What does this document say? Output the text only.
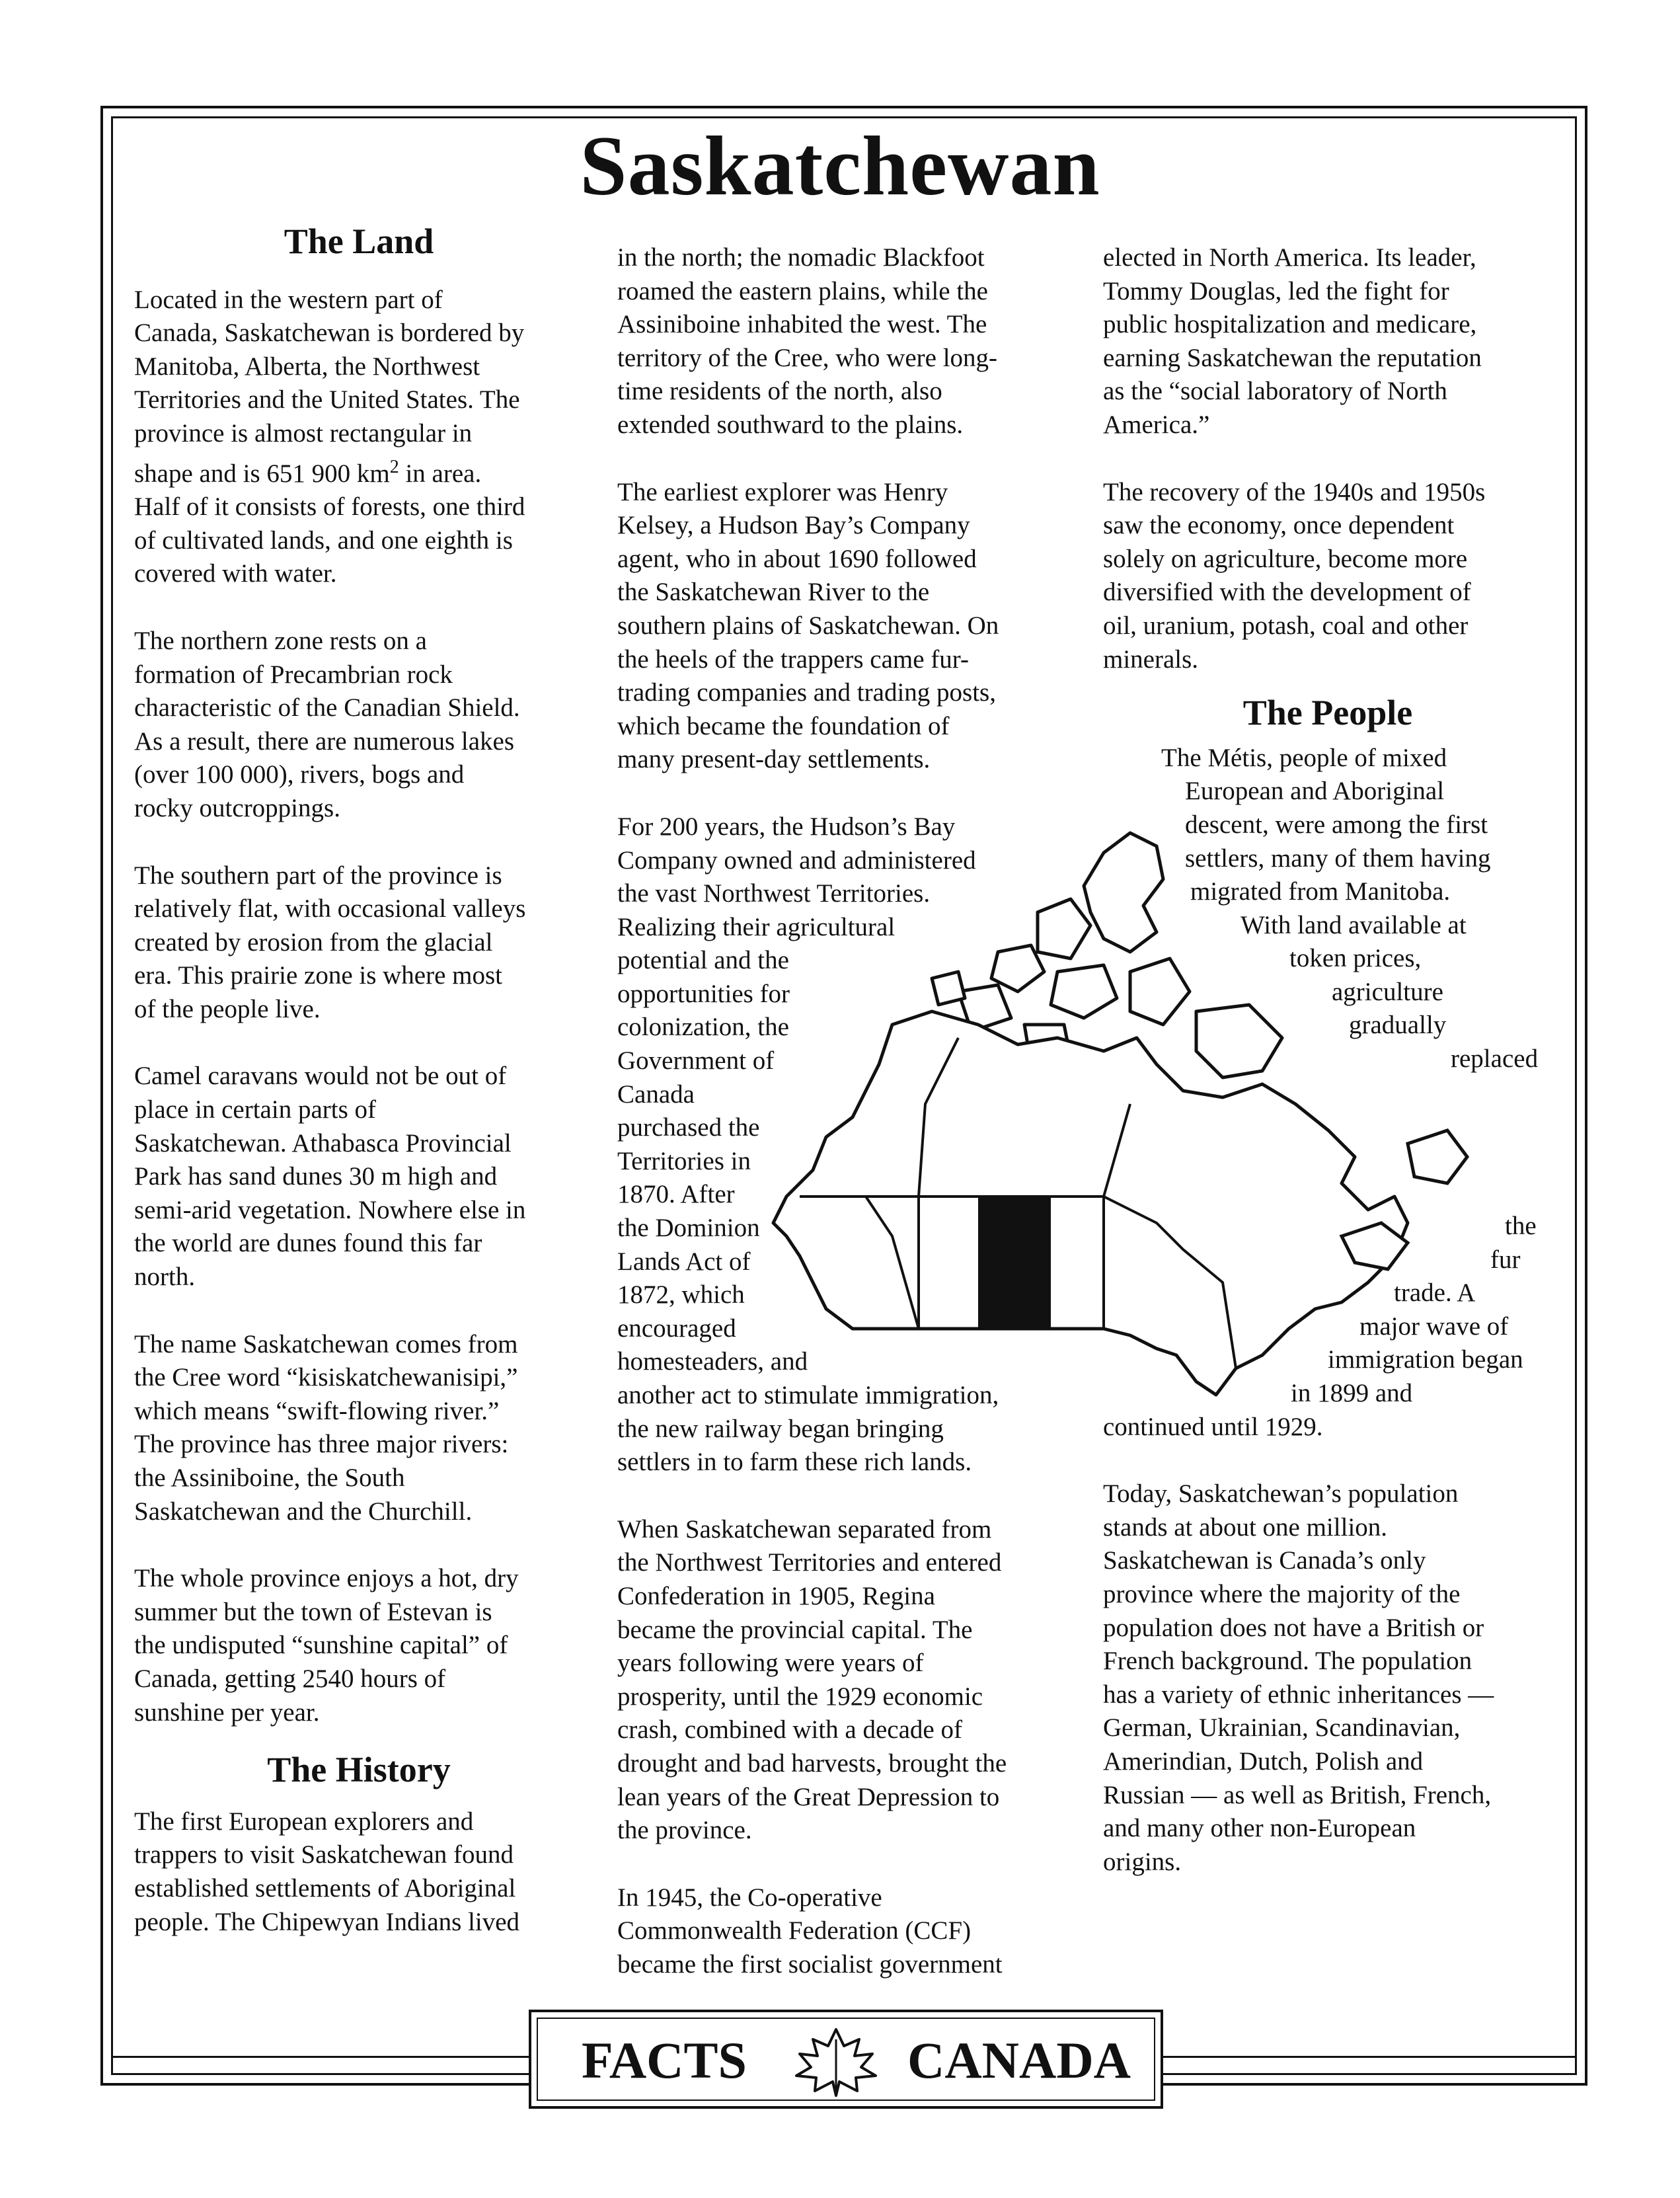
Saskatchewan
The Land

Located in the western part of
Canada, Saskatchewan is bordered by
Manitoba, Alberta, the Northwest
Territories and the United States. The
province is almost rectangular in
shape and is 651 900 $km^2$ in area.
Half of it consists of forests, one third
of cultivated lands, and one eighth is
covered with water.

The northern zone rests on a
formation of Precambrian rock
characteristic of the Canadian Shield.
As a result, there are numerous lakes
(over 100 000), rivers, bogs and
rocky outcroppings.

The southern part of the province is
relatively flat, with occasional valleys
created by erosion from the glacial
era. This prairie zone is where most
of the people live.

Camel caravans would not be out of
place in certain parts of
Saskatchewan. Athabasca Provincial
Park has sand dunes 30 m high and
semi-arid vegetation. Nowhere else in
the world are dunes found this far
north.

The name Saskatchewan comes from
the Cree word “kisiskatchewanisipi,”
which means “swift-flowing river.”
The province has three major rivers:
the Assiniboine, the South
Saskatchewan and the Churchill.

The whole province enjoys a hot, dry
summer but the town of Estevan is
the undisputed “sunshine capital” of
Canada, getting 2540 hours of
sunshine per year.

The History

The first European explorers and
trappers to visit Saskatchewan found
established settlements of Aboriginal
people. The Chipewyan Indians lived

in the north; the nomadic Blackfoot
roamed the eastern plains, while the
Assiniboine inhabited the west. The
territory of the Cree, who were long-
time residents of the north, also
extended southward to the plains.

The earliest explorer was Henry
Kelsey, a Hudson Bay’s Company
agent, who in about 1690 followed
the Saskatchewan River to the
southern plains of Saskatchewan. On
the heels of the trappers came fur-
trading companies and trading posts,
which became the foundation of
many present-day settlements.

For 200 years, the Hudson’s Bay
Company owned and administered
the vast Northwest Territories.
Realizing their agricultural
potential and the
opportunities for
colonization, the
Government of
Canada
purchased the
Territories in
1870. After
the Dominion
Lands Act of
1872, which
encouraged
homesteaders, and
another act to stimulate immigration,
the new railway began bringing
settlers in to farm these rich lands.

When Saskatchewan separated from
the Northwest Territories and entered
Confederation in 1905, Regina
became the provincial capital. The
years following were years of
prosperity, until the 1929 economic
crash, combined with a decade of
drought and bad harvests, brought the
lean years of the Great Depression to
the province.

In 1945, the Co-operative
Commonwealth Federation (CCF)
became the first socialist government

elected in North America. Its leader,
Tommy Douglas, led the fight for
public hospitalization and medicare,
earning Saskatchewan the reputation
as the “social laboratory of North
America.”

The recovery of the 1940s and 1950s
saw the economy, once dependent
solely on agriculture, become more
diversified with the development of
oil, uranium, potash, coal and other
minerals.

The People

The Métis, people of mixed
European and Aboriginal
descent, were among the first
settlers, many of them having
migrated from Manitoba.
With land available at
token prices,
agriculture
gradually
replaced

the
fur
trade. A
major wave of
immigration began
in 1899 and
continued until 1929.

Today, Saskatchewan’s population
stands at about one million.
Saskatchewan is Canada’s only
province where the majority of the
population does not have a British or
French background. The population
has a variety of ethnic inheritances —
German, Ukrainian, Scandinavian,
Amerindian, Dutch, Polish and
Russian — as well as British, French,
and many other non-European
origins.

FACTS	CANADA
